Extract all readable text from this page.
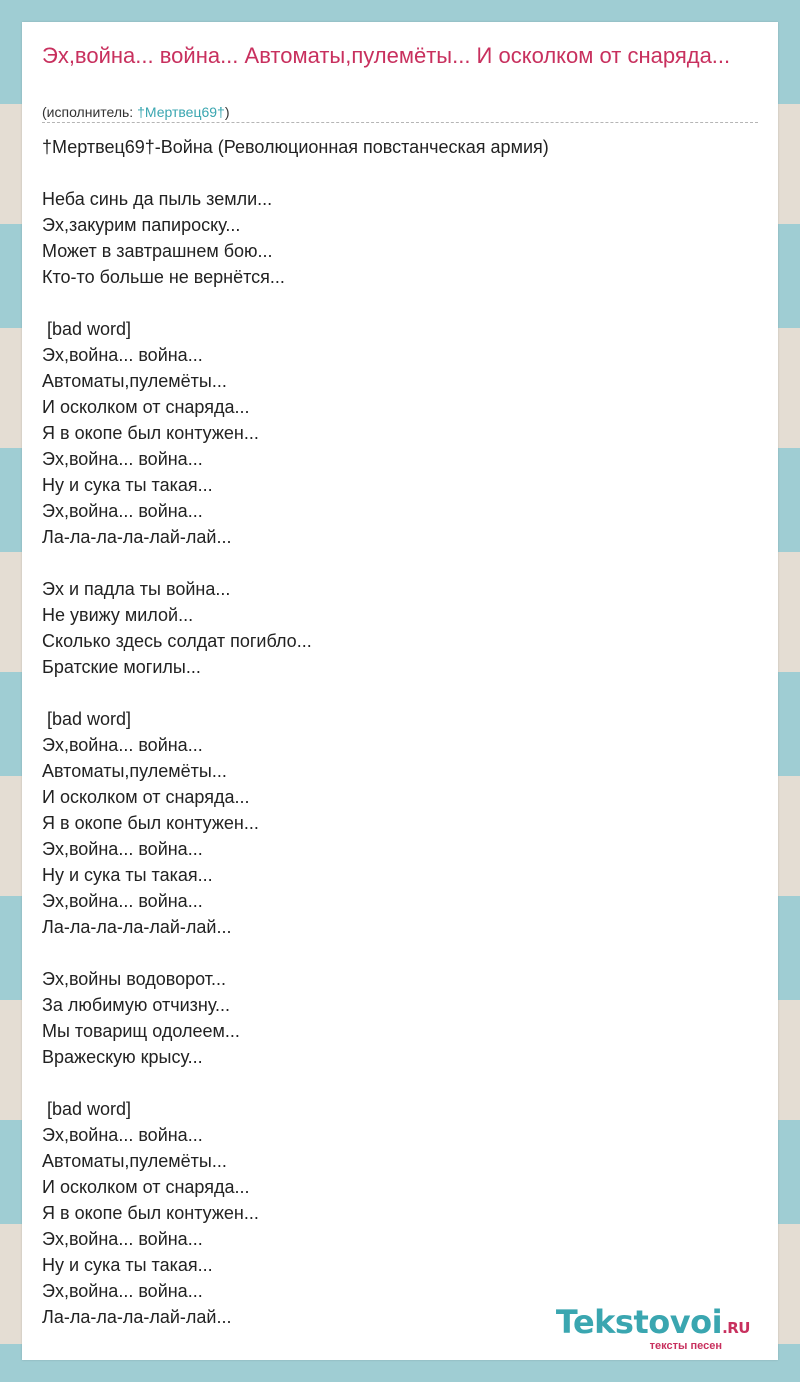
Эх,война... война... Автоматы,пулемёты... И осколком от снаряда...
(исполнитель: †Мертвец69†)
†Мертвец69†-Война (Революционная повстанческая армия)

Неба синь да пыль земли...
Эх,закурим папироску...
Может в завтрашнем бою...
Кто-то больше не вернётся...

[bad word]
Эх,война... война...
Автоматы,пулемёты...
И осколком от снаряда...
Я в окопе был контужен...
Эх,война... война...
Ну и сука ты такая...
Эх,война... война...
Ла-ла-ла-ла-лай-лай...

Эх и падла ты война...
Не увижу милой...
Сколько здесь солдат погибло...
Братские могилы...

[bad word]
Эх,война... война...
Автоматы,пулемёты...
И осколком от снаряда...
Я в окопе был контужен...
Эх,война... война...
Ну и сука ты такая...
Эх,война... война...
Ла-ла-ла-ла-лай-лай...

Эх,войны водоворот...
За любимую отчизну...
Мы товарищ одолеем...
Вражескую крысу...

[bad word]
Эх,война... война...
Автоматы,пулемёты...
И осколком от снаряда...
Я в окопе был контужен...
Эх,война... война...
Ну и сука ты такая...
Эх,война... война...
Ла-ла-ла-ла-лай-лай...	Tekstovoi.RU
тексты песен
